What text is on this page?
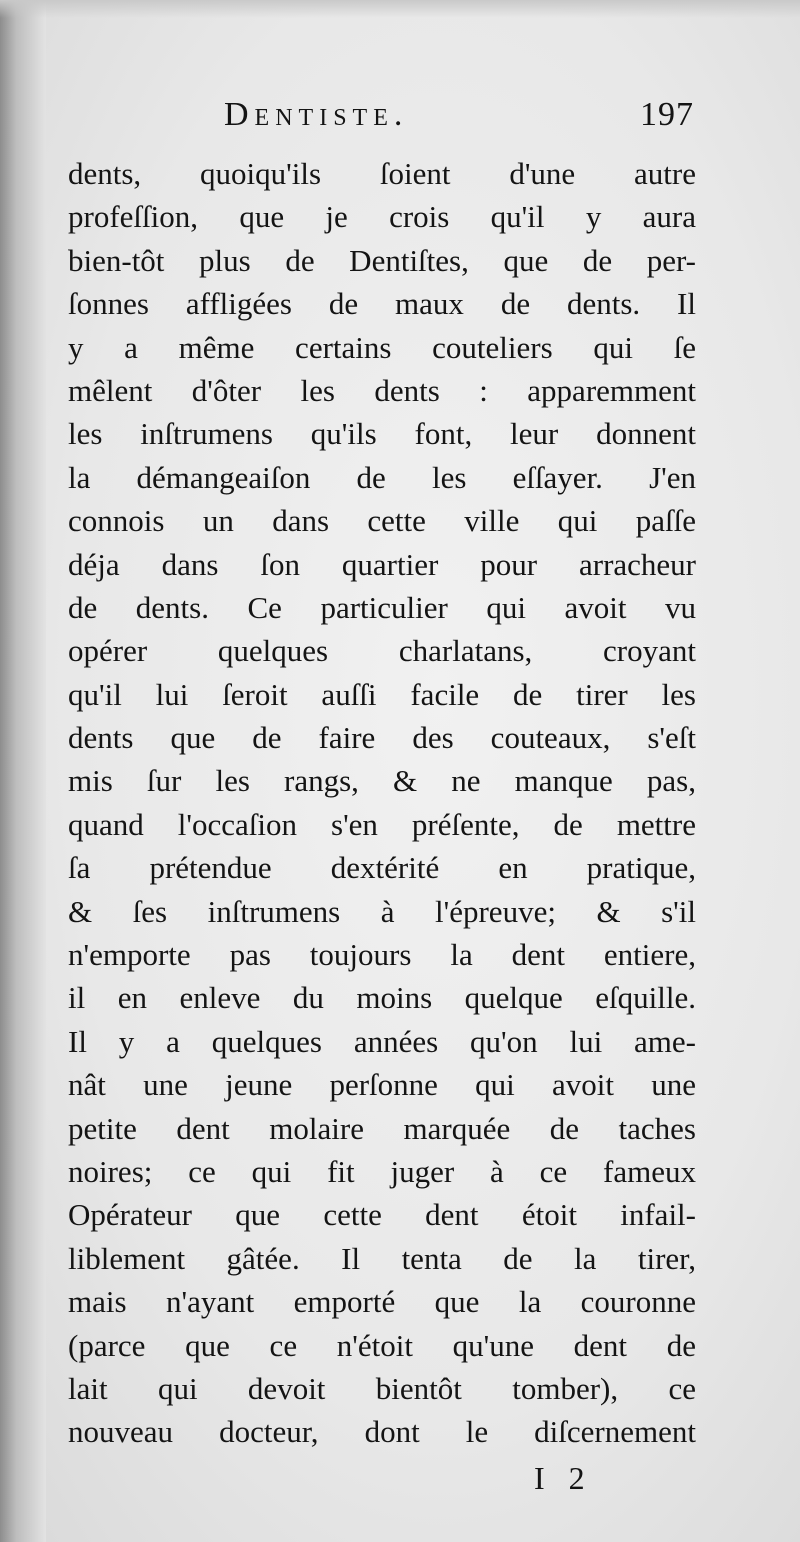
Dentiste.	197
dents, quoiqu'ils ſoient d'une autre
profeſſion, que je crois qu'il y aura
bien-tôt plus de Dentiſtes, que de per-
ſonnes affligées de maux de dents. Il
y a même certains couteliers qui ſe
mêlent d'ôter les dents : apparemment
les inſtrumens qu'ils font, leur donnent
la démangeaiſon de les eſſayer. J'en
connois un dans cette ville qui paſſe
déja dans ſon quartier pour arracheur
de dents. Ce particulier qui avoit vu
opérer quelques charlatans, croyant
qu'il lui ſeroit auſſi facile de tirer les
dents que de faire des couteaux, s'eſt
mis ſur les rangs, & ne manque pas,
quand l'occaſion s'en préſente, de mettre
ſa prétendue dextérité en pratique,
& ſes inſtrumens à l'épreuve; & s'il
n'emporte pas toujours la dent entiere,
il en enleve du moins quelque eſquille.
Il y a quelques années qu'on lui ame-
nât une jeune perſonne qui avoit une
petite dent molaire marquée de taches
noires; ce qui fit juger à ce fameux
Opérateur que cette dent étoit infail-
liblement gâtée. Il tenta de la tirer,
mais n'ayant emporté que la couronne
(parce que ce n'étoit qu'une dent de
lait qui devoit bientôt tomber), ce
nouveau docteur, dont le diſcernement
I 2
